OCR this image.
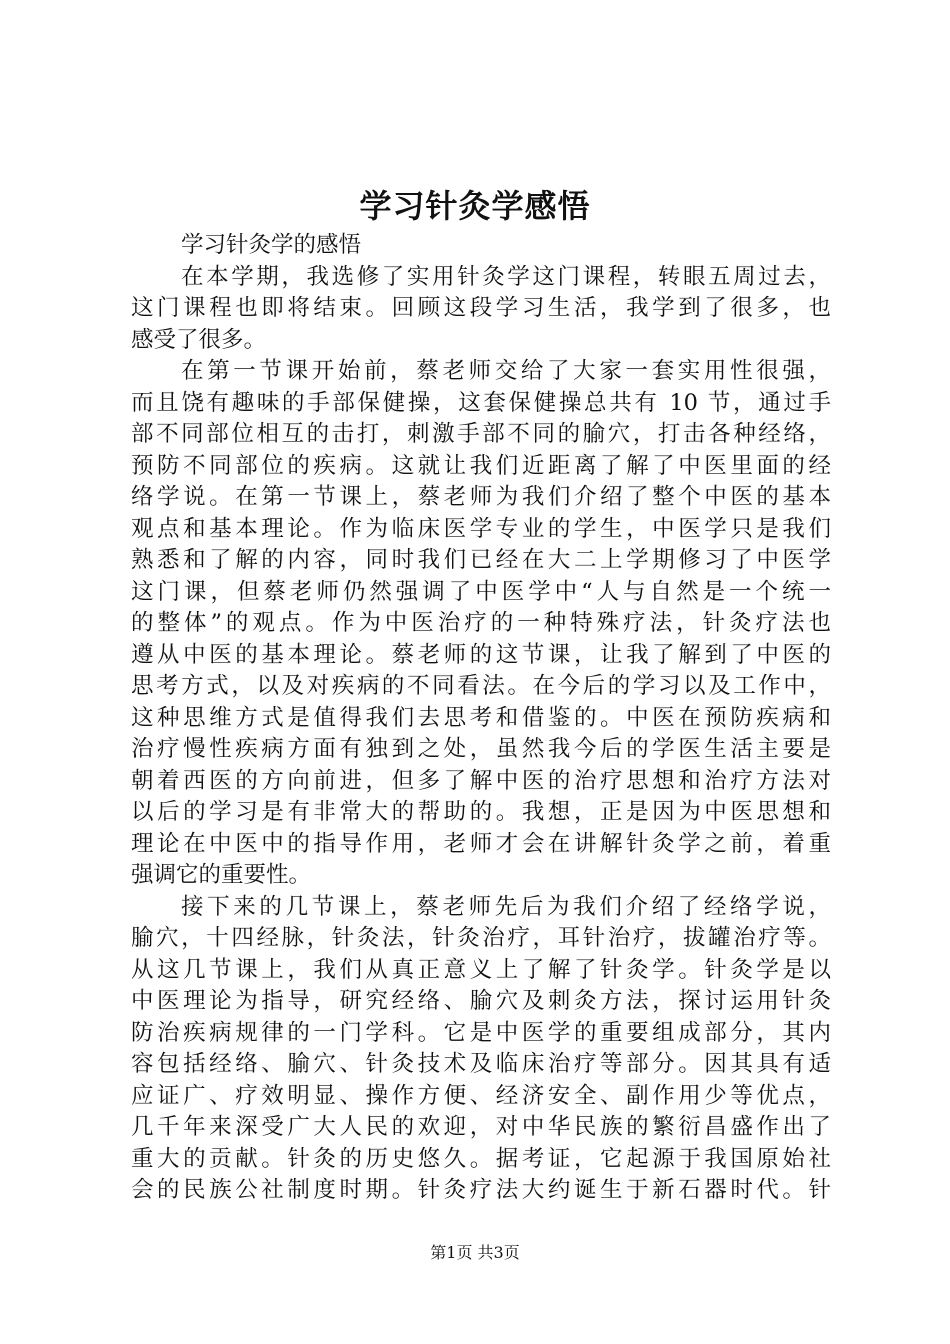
学习针灸学感悟
学习针灸学的感悟
在本学期，我选修了实用针灸学这门课程，转眼五周过去，
这门课程也即将结束。回顾这段学习生活，我学到了很多，也
感受了很多。
在第一节课开始前，蔡老师交给了大家一套实用性很强，
而且饶有趣味的手部保健操，这套保健操总共有 10 节，通过手
部不同部位相互的击打，刺激手部不同的腧穴，打击各种经络，
预防不同部位的疾病。这就让我们近距离了解了中医里面的经
络学说。在第一节课上，蔡老师为我们介绍了整个中医的基本
观点和基本理论。作为临床医学专业的学生，中医学只是我们
熟悉和了解的内容，同时我们已经在大二上学期修习了中医学
这门课，但蔡老师仍然强调了中医学中“人与自然是一个统一
的整体”的观点。作为中医治疗的一种特殊疗法，针灸疗法也
遵从中医的基本理论。蔡老师的这节课，让我了解到了中医的
思考方式，以及对疾病的不同看法。在今后的学习以及工作中，
这种思维方式是值得我们去思考和借鉴的。中医在预防疾病和
治疗慢性疾病方面有独到之处，虽然我今后的学医生活主要是
朝着西医的方向前进，但多了解中医的治疗思想和治疗方法对
以后的学习是有非常大的帮助的。我想，正是因为中医思想和
理论在中医中的指导作用，老师才会在讲解针灸学之前，着重
强调它的重要性。
接下来的几节课上，蔡老师先后为我们介绍了经络学说，
腧穴，十四经脉，针灸法，针灸治疗，耳针治疗，拔罐治疗等。
从这几节课上，我们从真正意义上了解了针灸学。针灸学是以
中医理论为指导，研究经络、腧穴及刺灸方法，探讨运用针灸
防治疾病规律的一门学科。它是中医学的重要组成部分，其内
容包括经络、腧穴、针灸技术及临床治疗等部分。因其具有适
应证广、疗效明显、操作方便、经济安全、副作用少等优点，
几千年来深受广大人民的欢迎，对中华民族的繁衍昌盛作出了
重大的贡献。针灸的历史悠久。据考证，它起源于我国原始社
会的民族公社制度时期。针灸疗法大约诞生于新石器时代。针
第1页 共3页
